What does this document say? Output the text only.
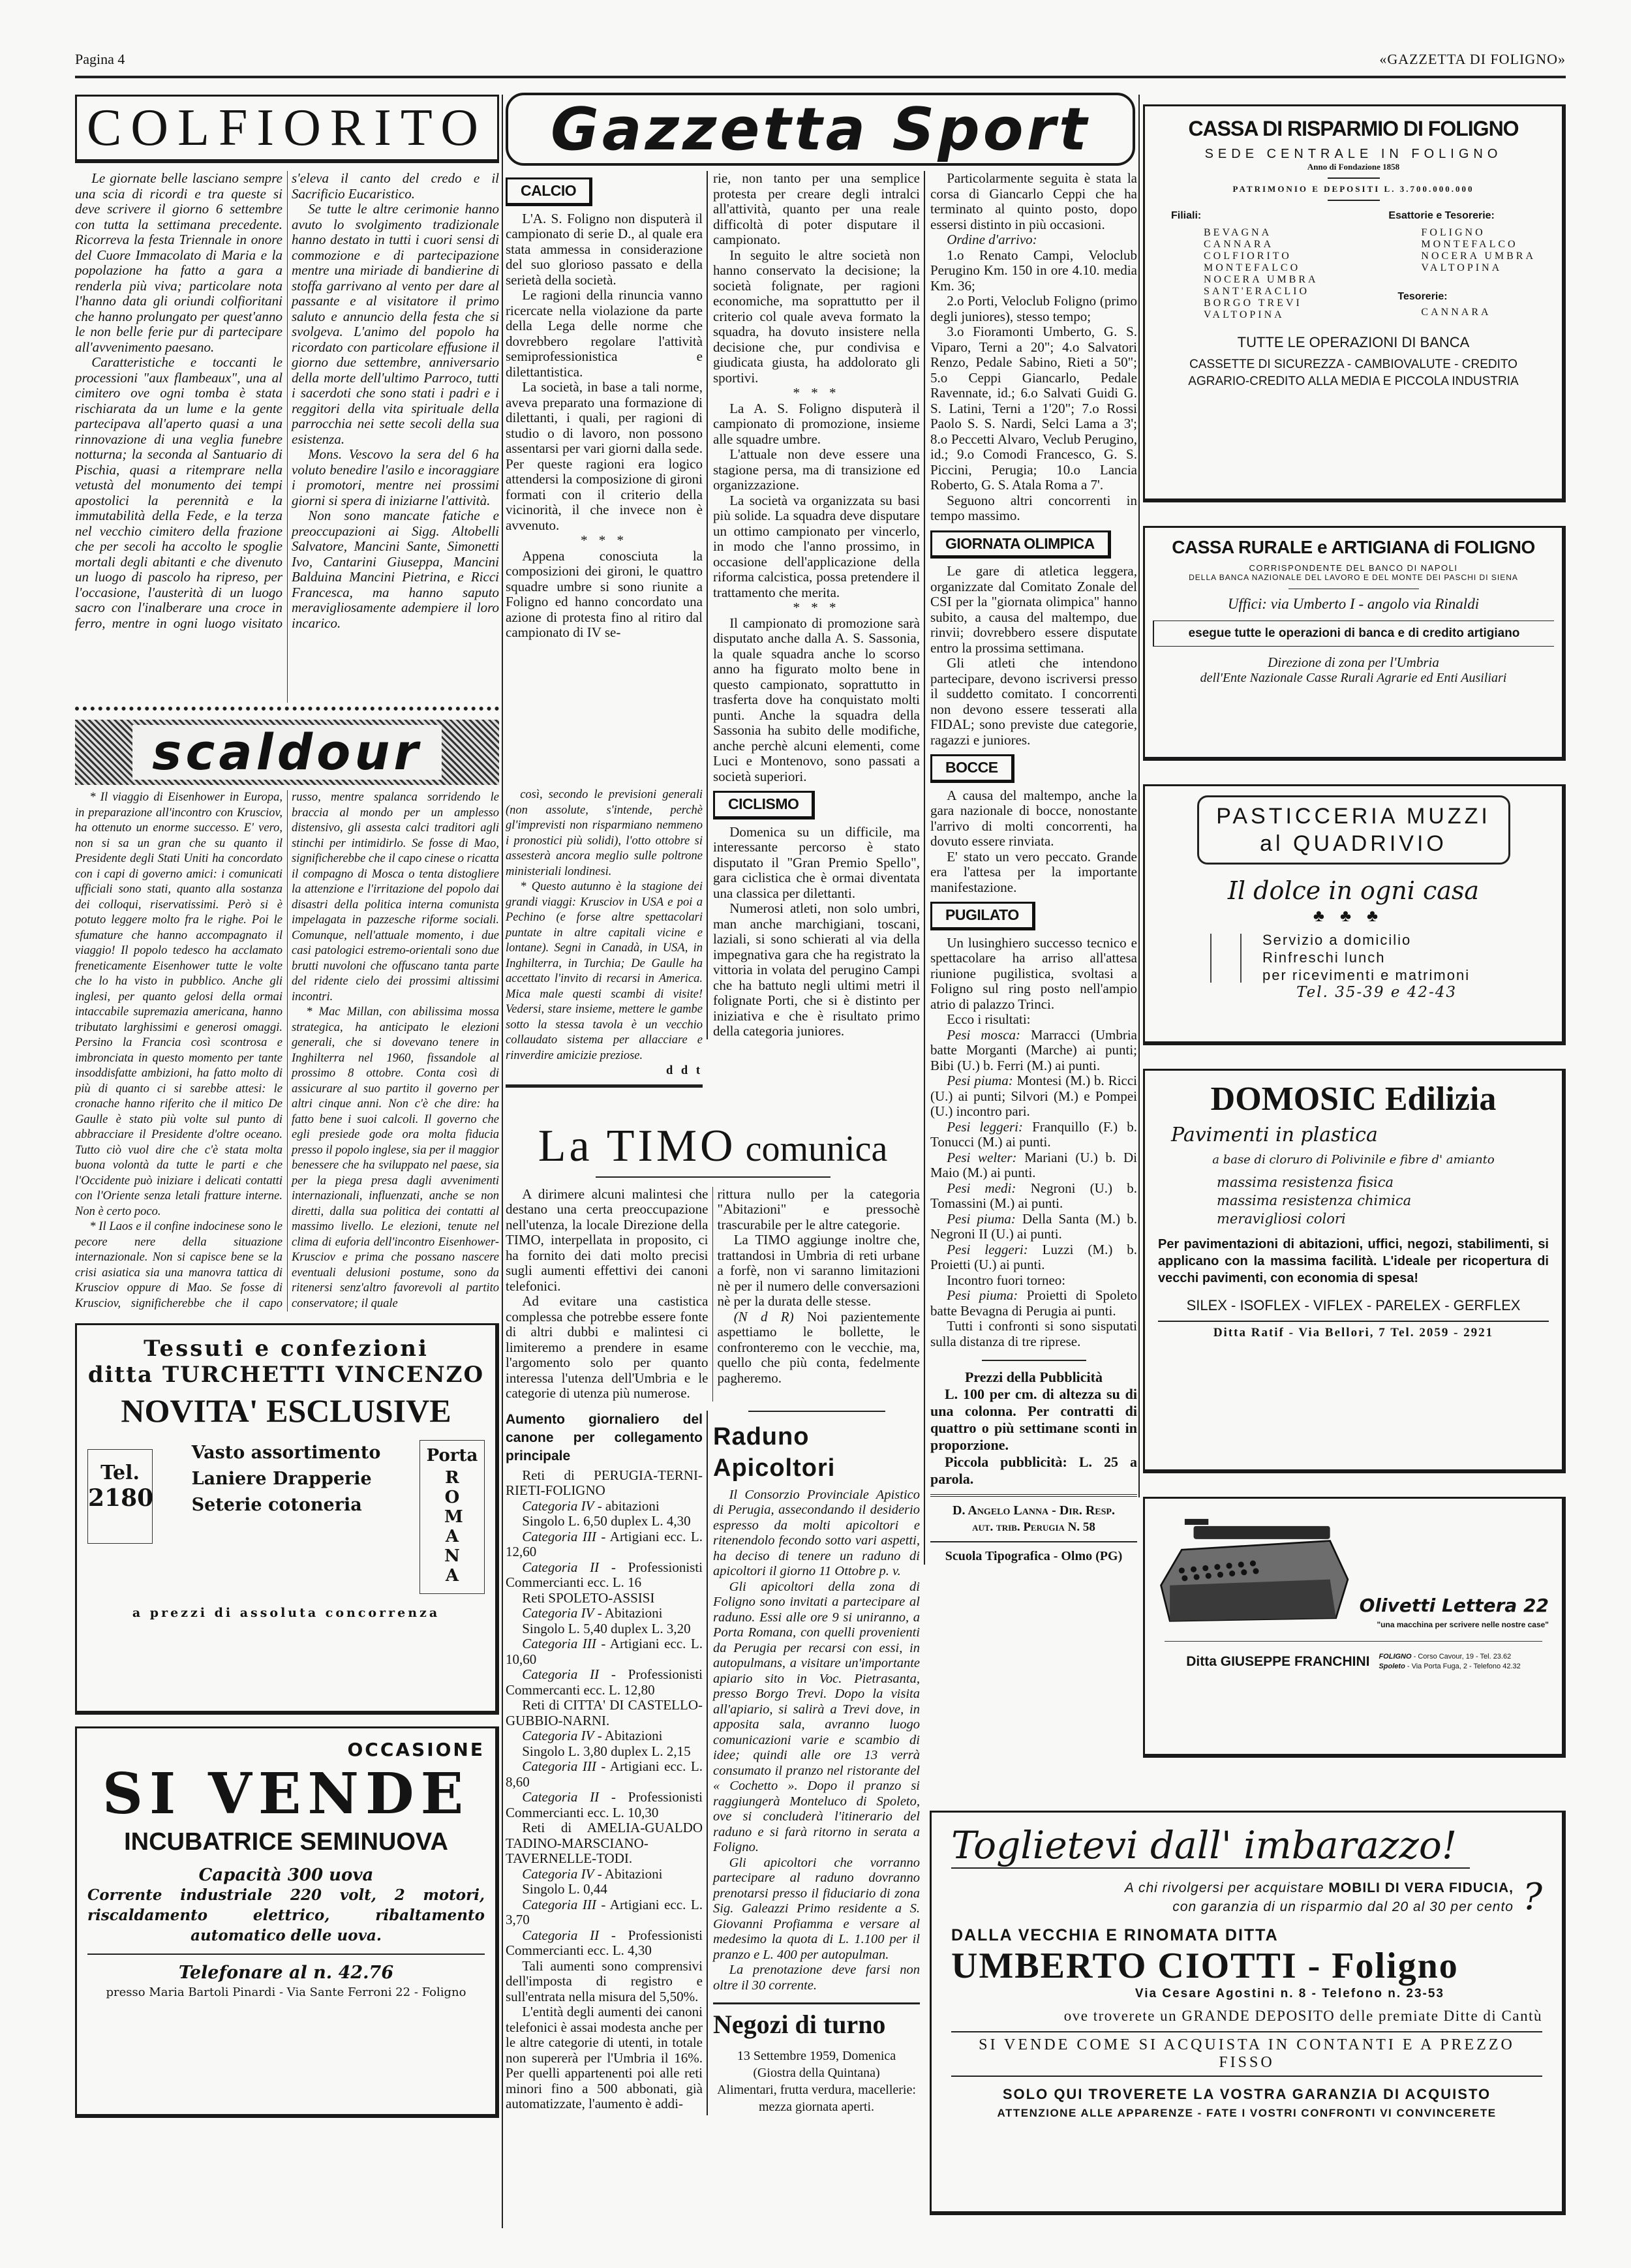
Pagina 4	«GAZZETTA DI FOLIGNO»
COLFIORITO

Le giornate belle lasciano sempre una scia di ricordi e tra queste si deve scrivere il giorno 6 settembre con tutta la settimana precedente. Ricorreva la festa Triennale in onore del Cuore Immacolato di Maria e la popolazione ha fatto a gara a renderla più viva; particolare nota l'hanno data gli oriundi colfioritani che hanno prolungato per quest'anno le non belle ferie pur di partecipare all'avvenimento paesano.

Caratteristiche e toccanti le processioni "aux flambeaux", una al cimitero ove ogni tomba è stata rischiarata da un lume e la gente partecipava all'aperto quasi a una rinnovazione di una veglia funebre notturna; la seconda al Santuario di Pischia, quasi a ritemprare nella vetustà del monumento dei tempi apostolici la perennità e la immutabilità della Fede, e la terza nel vecchio cimitero della frazione che per secoli ha accolto le spoglie mortali degli abitanti e che divenuto un luogo di pascolo ha ripreso, per l'occasione, l'austerità di un luogo sacro con l'inalberare una croce in ferro, mentre in ogni luogo visitato s'eleva il canto del credo e il Sacrificio Eucaristico.

Se tutte le altre cerimonie hanno avuto lo svolgimento tradizionale hanno destato in tutti i cuori sensi di commozione e di partecipazione mentre una miriade di bandierine di stoffa garrivano al vento per dare al passante e al visitatore il primo saluto e annuncio della festa che si svolgeva. L'animo del popolo ha ricordato con particolare effusione il giorno due settembre, anniversario della morte dell'ultimo Parroco, tutti i sacerdoti che sono stati i padri e i reggitori della vita spirituale della parrocchia nei sette secoli della sua esistenza.

Mons. Vescovo la sera del 6 ha voluto benedire l'asilo e incoraggiare i promotori, mentre nei prossimi giorni si spera di iniziarne l'attività.

Non sono mancate fatiche e preoccupazioni ai Sigg. Altobelli Salvatore, Mancini Sante, Simonetti Ivo, Cantarini Giuseppa, Mancini Balduina Mancini Pietrina, e Ricci Francesca, ma hanno saputo meravigliosamente adempiere il loro incarico.

scaldour

* Il viaggio di Eisenhower in Europa, in preparazione all'incontro con Krusciov, ha ottenuto un enorme successo. E' vero, non si sa un gran che su quanto il Presidente degli Stati Uniti ha concordato con i capi di governo amici: i comunicati ufficiali sono stati, quanto alla sostanza dei colloqui, riservatissimi. Però si è potuto leggere molto fra le righe. Poi le sfumature che hanno accompagnato il viaggio! Il popolo tedesco ha acclamato freneticamente Eisenhower tutte le volte che lo ha visto in pubblico. Anche gli inglesi, per quanto gelosi della ormai intaccabile supremazia americana, hanno tributato larghissimi e generosi omaggi. Persino la Francia così scontrosa e imbronciata in questo momento per tante insoddisfatte ambizioni, ha fatto molto di più di quanto ci si sarebbe attesi: le cronache hanno riferito che il mitico De Gaulle è stato più volte sul punto di abbracciare il Presidente d'oltre oceano. Tutto ciò vuol dire che c'è stata molta buona volontà da tutte le parti e che l'Occidente può iniziare i delicati contatti con l'Oriente senza letali fratture interne. Non è certo poco.

* Il Laos e il confine indocinese sono le pecore nere della situazione internazionale. Non si capisce bene se la crisi asiatica sia una manovra tattica di Krusciov oppure di Mao. Se fosse di Krusciov, significherebbe che il capo russo, mentre spalanca sorridendo le braccia al mondo per un amplesso distensivo, gli assesta calci traditori agli stinchi per intimidirlo. Se fosse di Mao, significherebbe che il capo cinese o ricatta il compagno di Mosca o tenta distogliere la attenzione e l'irritazione del popolo dai disastri della politica interna comunista impelagata in pazzesche riforme sociali. Comunque, nell'attuale momento, i due casi patologici estremo-orientali sono due brutti nuvoloni che offuscano tanta parte del ridente cielo dei prossimi altissimi incontri.

* Mac Millan, con abilissima mossa strategica, ha anticipato le elezioni generali, che si dovevano tenere in Inghilterra nel 1960, fissandole al prossimo 8 ottobre. Conta così di assicurare al suo partito il governo per altri cinque anni. Non c'è che dire: ha fatto bene i suoi calcoli. Il governo che egli presiede gode ora molta fiducia presso il popolo inglese, sia per il maggior benessere che ha sviluppato nel paese, sia per la piega presa dagli avvenimenti internazionali, influenzati, anche se non diretti, dalla sua politica dei contatti al massimo livello. Le elezioni, tenute nel clima di euforia dell'incontro Eisenhower-Krusciov e prima che possano nascere eventuali delusioni postume, sono da ritenersi senz'altro favorevoli al partito conservatore; il quale

Tessuti e confezioni
ditta TURCHETTI VINCENZO
NOVITA' ESCLUSIVE
Tel.
2180
Vasto assortimento
Laniere Drapperie
Seterie cotoneria
Porta
R O M A N A
a prezzi di assoluta concorrenza
OCCASIONE
SI VENDE
INCUBATRICE SEMINUOVA
Capacità 300 uova
Corrente industriale 220 volt, 2 motori, riscaldamento elettrico, ribaltamento automatico delle uova.
Telefonare al n. 42.76
presso Maria Bartoli Pinardi - Via Sante Ferroni 22 - Foligno
Gazzetta Sport

CALCIO

L'A. S. Foligno non disputerà il campionato di serie D., al quale era stata ammessa in considerazione del suo glorioso passato e della serietà della società.

Le ragioni della rinuncia vanno ricercate nella violazione da parte della Lega delle norme che dovrebbero regolare l'attività semiprofessionistica e dilettantistica.

La società, in base a tali norme, aveva preparato una formazione di dilettanti, i quali, per ragioni di studio o di lavoro, non possono assentarsi per vari giorni dalla sede. Per queste ragioni era logico attendersi la composizione di gironi formati con il criterio della vicinorità, il che invece non è avvenuto.

* * *

Appena conosciuta la composizioni dei gironi, le quattro squadre umbre si sono riunite a Foligno ed hanno concordato una azione di protesta fino al ritiro dal campionato di IV se-

così, secondo le previsioni generali (non assolute, s'intende, perchè gl'imprevisti non risparmiano nemmeno i pronostici più solidi), l'otto ottobre si assesterà ancora meglio sulle poltrone ministeriali londinesi.

* Questo autunno è la stagione dei grandi viaggi: Krusciov in USA e poi a Pechino (e forse altre spettacolari puntate in altre capitali vicine e lontane). Segni in Canadà, in USA, in Inghilterra, in Turchia; De Gaulle ha accettato l'invito di recarsi in America. Mica male questi scambi di visite! Vedersi, stare insieme, mettere le gambe sotto la stessa tavola è un vecchio collaudato sistema per allacciare e rinverdire amicizie preziose.

d d t

rie, non tanto per una semplice protesta per creare degli intralci all'attività, quanto per una reale difficoltà di poter disputare il campionato.

In seguito le altre società non hanno conservato la decisione; la società folignate, per ragioni economiche, ma soprattutto per il criterio col quale aveva formato la squadra, ha dovuto insistere nella decisione che, pur condivisa e giudicata giusta, ha addolorato gli sportivi.

* * *

La A. S. Foligno disputerà il campionato di promozione, insieme alle squadre umbre.

L'attuale non deve essere una stagione persa, ma di transizione ed organizzazione.

La società va organizzata su basi più solide. La squadra deve disputare un ottimo campionato per vincerlo, in modo che l'anno prossimo, in occasione dell'applicazione della riforma calcistica, possa pretendere il trattamento che merita.

* * *

Il campionato di promozione sarà disputato anche dalla A. S. Sassonia, la quale squadra anche lo scorso anno ha figurato molto bene in questo campionato, soprattutto in trasferta dove ha conquistato molti punti. Anche la squadra della Sassonia ha subito delle modifiche, anche perchè alcuni elementi, come Luci e Montenovo, sono passati a società superiori.

CICLISMO

Domenica su un difficile, ma interessante percorso è stato disputato il "Gran Premio Spello", gara ciclistica che è ormai diventata una classica per dilettanti.

Numerosi atleti, non solo umbri, man anche marchigiani, toscani, laziali, si sono schierati al via della impegnativa gara che ha registrato la vittoria in volata del perugino Campi che ha battuto negli ultimi metri il folignate Porti, che si è distinto per iniziativa e che è risultato primo della categoria juniores.

La TIMO comunica

A dirimere alcuni malintesi che destano una certa preoccupazione nell'utenza, la locale Direzione della TIMO, interpellata in proposito, ci ha fornito dei dati molto precisi sugli aumenti effettivi dei canoni telefonici.

Ad evitare una castistica complessa che potrebbe essere fonte di altri dubbi e malintesi ci limiteremo a prendere in esame l'argomento solo per quanto interessa l'utenza dell'Umbria e le categorie di utenza più numerose.

rittura nullo per la categoria "Abitazioni" e pressochè trascurabile per le altre categorie.

La TIMO aggiunge inoltre che, trattandosi in Umbria di reti urbane a forfè, non vi saranno limitazioni nè per il numero delle conversazioni nè per la durata delle stesse.

(N d R) Noi pazientemente aspettiamo le bollette, le confronteremo con le vecchie, ma, quello che più conta, fedelmente pagheremo.

Aumento giornaliero del canone per collegamento principale

Reti di PERUGIA-TERNI-RIETI-FOLIGNO

Categoria IV - abitazioni

Singolo L. 6,50 duplex L. 4,30

Categoria III - Artigiani ecc. L. 12,60

Categoria II - Professionisti Commercianti ecc. L. 16

Reti SPOLETO-ASSISI

Categoria IV - Abitazioni

Singolo L. 5,40 duplex L. 3,20

Categoria III - Artigiani ecc. L. 10,60

Categoria II - Professionisti Commercanti ecc. L. 12,80

Reti di CITTA' DI CASTELLO-GUBBIO-NARNI.

Categoria IV - Abitazioni

Singolo L. 3,80 duplex L. 2,15

Categoria III - Artigiani ecc. L. 8,60

Categoria II - Professionisti Commercianti ecc. L. 10,30

Reti di AMELIA-GUALDO TADINO-MARSCIANO-TAVERNELLE-TODI.

Categoria IV - Abitazioni

Singolo L. 0,44

Categoria III - Artigiani ecc. L. 3,70

Categoria II - Professionisti Commercianti ecc. L. 4,30

Tali aumenti sono comprensivi dell'imposta di registro e sull'entrata nella misura del 5,50%.

L'entità degli aumenti dei canoni telefonici è assai modesta anche per le altre categorie di utenti, in totale non supererà per l'Umbria il 16%. Per quelli appartenenti poi alle reti minori fino a 500 abbonati, già automatizzate, l'aumento è addi-

Raduno Apicoltori

Il Consorzio Provinciale Apistico di Perugia, assecondando il desiderio espresso da molti apicoltori e ritenendolo fecondo sotto vari aspetti, ha deciso di tenere un raduno di apicoltori il giorno 11 Ottobre p. v.

Gli apicoltori della zona di Foligno sono invitati a partecipare al raduno. Essi alle ore 9 si uniranno, a Porta Romana, con quelli provenienti da Perugia per recarsi con essi, in autopulmans, a visitare un'importante apiario sito in Voc. Pietrasanta, presso Borgo Trevi. Dopo la visita all'apiario, si salirà a Trevi dove, in apposita sala, avranno luogo comunicazioni varie e scambio di idee; quindi alle ore 13 verrà consumato il pranzo nel ristorante del « Cochetto ». Dopo il pranzo si raggiungerà Monteluco di Spoleto, ove si concluderà l'itinerario del raduno e si farà ritorno in serata a Foligno.

Gli apicoltori che vorranno partecipare al raduno dovranno prenotarsi presso il fiduciario di zona Sig. Galeazzi Primo residente a S. Giovanni Profiamma e versare al medesimo la quota di L. 1.100 per il pranzo e L. 400 per autopulman.

La prenotazione deve farsi non oltre il 30 corrente.

Negozi di turno
13 Settembre 1959, Domenica
(Giostra della Quintana)
Alimentari, frutta verdura, macellerie: mezza giornata aperti.

Particolarmente seguita è stata la corsa di Giancarlo Ceppi che ha terminato al quinto posto, dopo essersi distinto in più occasioni.

Ordine d'arrivo:

1.o Renato Campi, Veloclub Perugino Km. 150 in ore 4.10. media Km. 36;

2.o Porti, Veloclub Foligno (primo degli juniores), stesso tempo;

3.o Fioramonti Umberto, G. S. Viparo, Terni a 20"; 4.o Salvatori Renzo, Pedale Sabino, Rieti a 50"; 5.o Ceppi Giancarlo, Pedale Ravennate, id.; 6.o Salvati Guidi G. S. Latini, Terni a 1'20"; 7.o Rossi Paolo S. S. Nardi, Selci Lama a 3'; 8.o Peccetti Alvaro, Veclub Perugino, id.; 9.o Comodi Francesco, G. S. Piccini, Perugia; 10.o Lancia Roberto, G. S. Atala Roma a 7'.

Seguono altri concorrenti in tempo massimo.

GIORNATA OLIMPICA

Le gare di atletica leggera, organizzate dal Comitato Zonale del CSI per la "giornata olimpica" hanno subito, a causa del maltempo, due rinvii; dovrebbero essere disputate entro la prossima settimana.

Gli atleti che intendono partecipare, devono iscriversi presso il suddetto comitato. I concorrenti non devono essere tesserati alla FIDAL; sono previste due categorie, ragazzi e juniores.

BOCCE

A causa del maltempo, anche la gara nazionale di bocce, nonostante l'arrivo di molti concorrenti, ha dovuto essere rinviata.

E' stato un vero peccato. Grande era l'attesa per la importante manifestazione.

PUGILATO

Un lusinghiero successo tecnico e spettacolare ha arriso all'attesa riunione pugilistica, svoltasi a Foligno sul ring posto nell'ampio atrio di palazzo Trinci.

Ecco i risultati:

Pesi mosca: Marracci (Umbria batte Morganti (Marche) ai punti; Bibi (U.) b. Ferri (M.) ai punti.

Pesi piuma: Montesi (M.) b. Ricci (U.) ai punti; Silvori (M.) e Pompei (U.) incontro pari.

Pesi leggeri: Franquillo (F.) b. Tonucci (M.) ai punti.

Pesi welter: Mariani (U.) b. Di Maio (M.) ai punti.

Pesi medi: Negroni (U.) b. Tomassini (M.) ai punti.

Pesi piuma: Della Santa (M.) b. Negroni II (U.) ai punti.

Pesi leggeri: Luzzi (M.) b. Proietti (U.) ai punti.

Incontro fuori torneo:

Pesi piuma: Proietti di Spoleto batte Bevagna di Perugia ai punti.

Tutti i confronti si sono sisputati sulla distanza di tre riprese.

Prezzi della Pubblicità

L. 100 per cm. di altezza su di una colonna. Per contratti di quattro o più settimane sconti in proporzione.

Piccola pubblicità: L. 25 a parola.

D. Angelo Lanna - Dir. Resp.
aut. trib. Perugia N. 58
Scuola Tipografica - Olmo (PG)
CASSA DI RISPARMIO DI FOLIGNO
SEDE CENTRALE IN FOLIGNO
Anno di Fondazione 1858
PATRIMONIO E DEPOSITI L. 3.700.000.000
Filiali:
BEVAGNA
CANNARA
COLFIORITO
MONTEFALCO
NOCERA UMBRA
SANT'ERACLIO
BORGO TREVI
VALTOPINA
Esattorie e Tesorerie:
FOLIGNO
MONTEFALCO
NOCERA UMBRA
VALTOPINA
Tesorerie:
CANNARA
TUTTE LE OPERAZIONI DI BANCA
CASSETTE DI SICUREZZA - CAMBIOVALUTE - CREDITO
AGRARIO-CREDITO ALLA MEDIA E PICCOLA INDUSTRIA
CASSA RURALE e ARTIGIANA di FOLIGNO
CORRISPONDENTE DEL BANCO DI NAPOLI
DELLA BANCA NAZIONALE DEL LAVORO E DEL MONTE DEI PASCHI DI SIENA
Uffici: via Umberto I - angolo via Rinaldi
esegue tutte le operazioni di banca e di credito artigiano
Direzione di zona per l'Umbria
dell'Ente Nazionale Casse Rurali Agrarie ed Enti Ausiliari
PASTICCERIA MUZZI
al QUADRIVIO
Il dolce in ogni casa
♣♣♣
Servizio a domicilio
Rinfreschi lunch
per ricevimenti e matrimoni
Tel. 35-39 e 42-43
DOMOSIC Edilizia
Pavimenti in plastica
a base di cloruro di Polivinile e fibre d' amianto
massima resistenza fisica
massima resistenza chimica
meravigliosi colori
Per pavimentazioni di abitazioni, uffici, negozi, stabilimenti, si applicano con la massima facilità. L'ideale per ricopertura di vecchi pavimenti, con economia di spesa!
SILEX - ISOFLEX - VIFLEX - PARELEX - GERFLEX
Ditta Ratif - Via Bellori, 7 Tel. 2059 - 2921
Olivetti Lettera 22
"una macchina per scrivere nelle nostre case"
Ditta GIUSEPPE FRANCHINI FOLIGNO - Corso Cavour, 19 - Tel. 23.62
Spoleto - Via Porta Fuga, 2 - Telefono 42.32
Toglietevi dall' imbarazzo!
A chi rivolgersi per acquistare MOBILI DI VERA FIDUCIA,
con garanzia di un risparmio dal 20 al 30 per cento ?
DALLA VECCHIA E RINOMATA DITTA
UMBERTO CIOTTI - Foligno
Via Cesare Agostini n. 8 - Telefono n. 23-53
ove troverete un GRANDE DEPOSITO delle premiate Ditte di Cantù
SI VENDE COME SI ACQUISTA IN CONTANTI E A PREZZO FISSO
SOLO QUI TROVERETE LA VOSTRA GARANZIA DI ACQUISTO
ATTENZIONE ALLE APPARENZE - FATE I VOSTRI CONFRONTI VI CONVINCERETE
